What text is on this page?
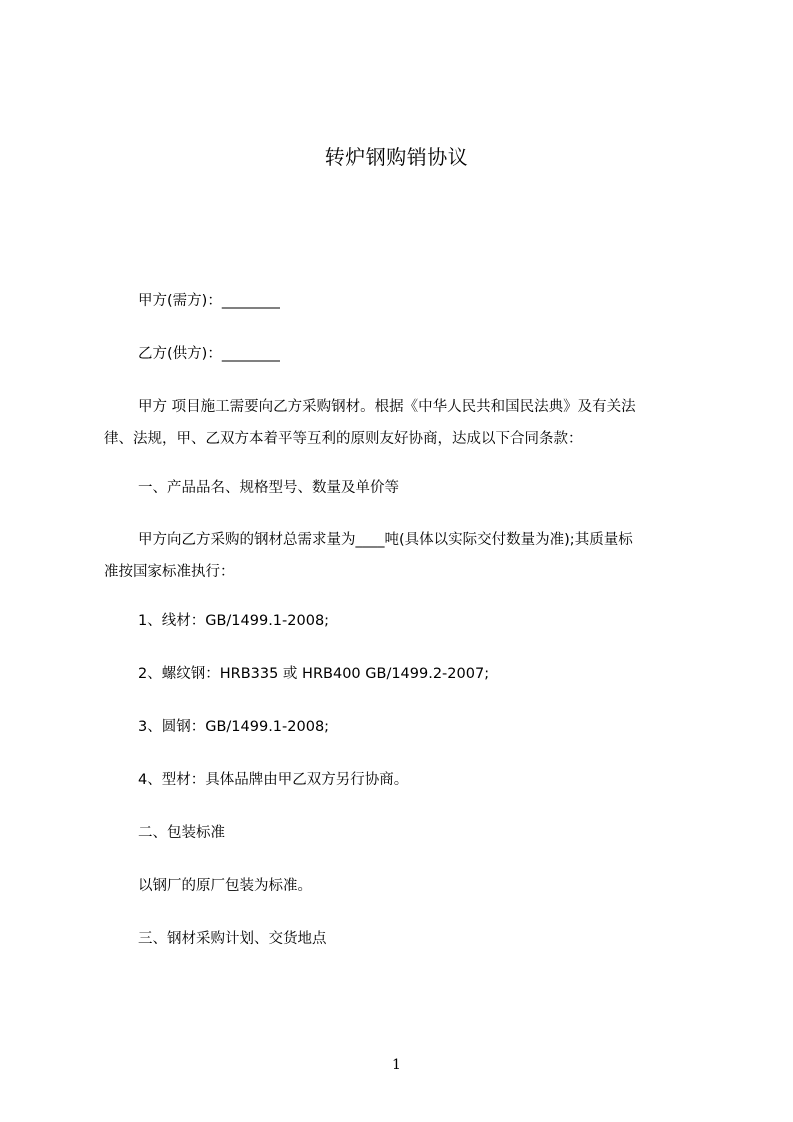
转炉钢购销协议
甲方(需方)：________
乙方(供方)：________
甲方 项目施工需要向乙方采购钢材。根据《中华人民共和国民法典》及有关法
律、法规，甲、乙双方本着平等互利的原则友好协商，达成以下合同条款：
一、产品品名、规格型号、数量及单价等
甲方向乙方采购的钢材总需求量为____吨(具体以实际交付数量为准);其质量标
准按国家标准执行：
1、线材：GB/1499.1-2008;
2、螺纹钢：HRB335 或 HRB400 GB/1499.2-2007;
3、圆钢：GB/1499.1-2008;
4、型材：具体品牌由甲乙双方另行协商。
二、包装标准
以钢厂的原厂包装为标准。
三、钢材采购计划、交货地点
1
